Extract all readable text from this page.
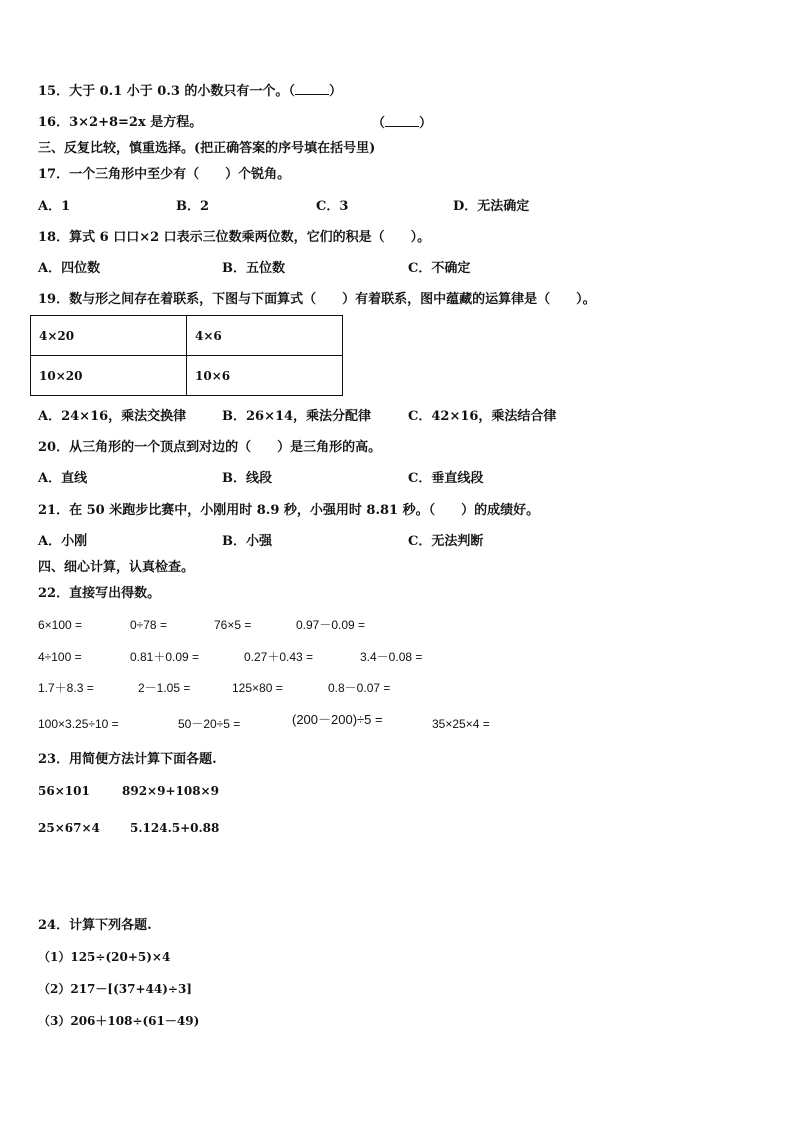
15．大于 0.1 小于 0.3 的小数只有一个。（	）
16．3×2+8=2x 是方程。	（	）
三、反复比较，慎重选择。(把正确答案的序号填在括号里)
17．一个三角形中至少有（　　）个锐角。
A．1	B．2	C．3	D．无法确定
18．算式 6 口口×2 口表示三位数乘两位数，它们的积是（　　）。
A．四位数	B．五位数	C．不确定
19．数与形之间存在着联系，下图与下面算式（　　）有着联系，图中蕴藏的运算律是（　　）。
4×20	4×6
10×20	10×6
A．24×16，乘法交换律	B．26×14，乘法分配律	C．42×16，乘法结合律
20．从三角形的一个顶点到对边的（　　）是三角形的高。
A．直线	B．线段	C．垂直线段
21．在 50 米跑步比赛中，小刚用时 8.9 秒，小强用时 8.81 秒。（　　）的成绩好。
A．小刚	B．小强	C．无法判断
四、细心计算，认真检查。
22．直接写出得数。
6×100 =	0÷78 =	76×5 =	0.97－0.09 =
4÷100 =	0.81＋0.09 =	0.27＋0.43 =	3.4－0.08 =
1.7＋8.3 =	2－1.05 =	125×80 =	0.8－0.07 =
100×3.25÷10 =	50－20÷5 =	(200－200)÷5 =	35×25×4 =
23．用简便方法计算下面各题.
56×101	892×9+108×9
25×67×4	5.124.5+0.88
24．计算下列各题.
（1）125÷(20+5)×4
（2）217－[(37+44)÷3]
（3）206＋108÷(61－49)
